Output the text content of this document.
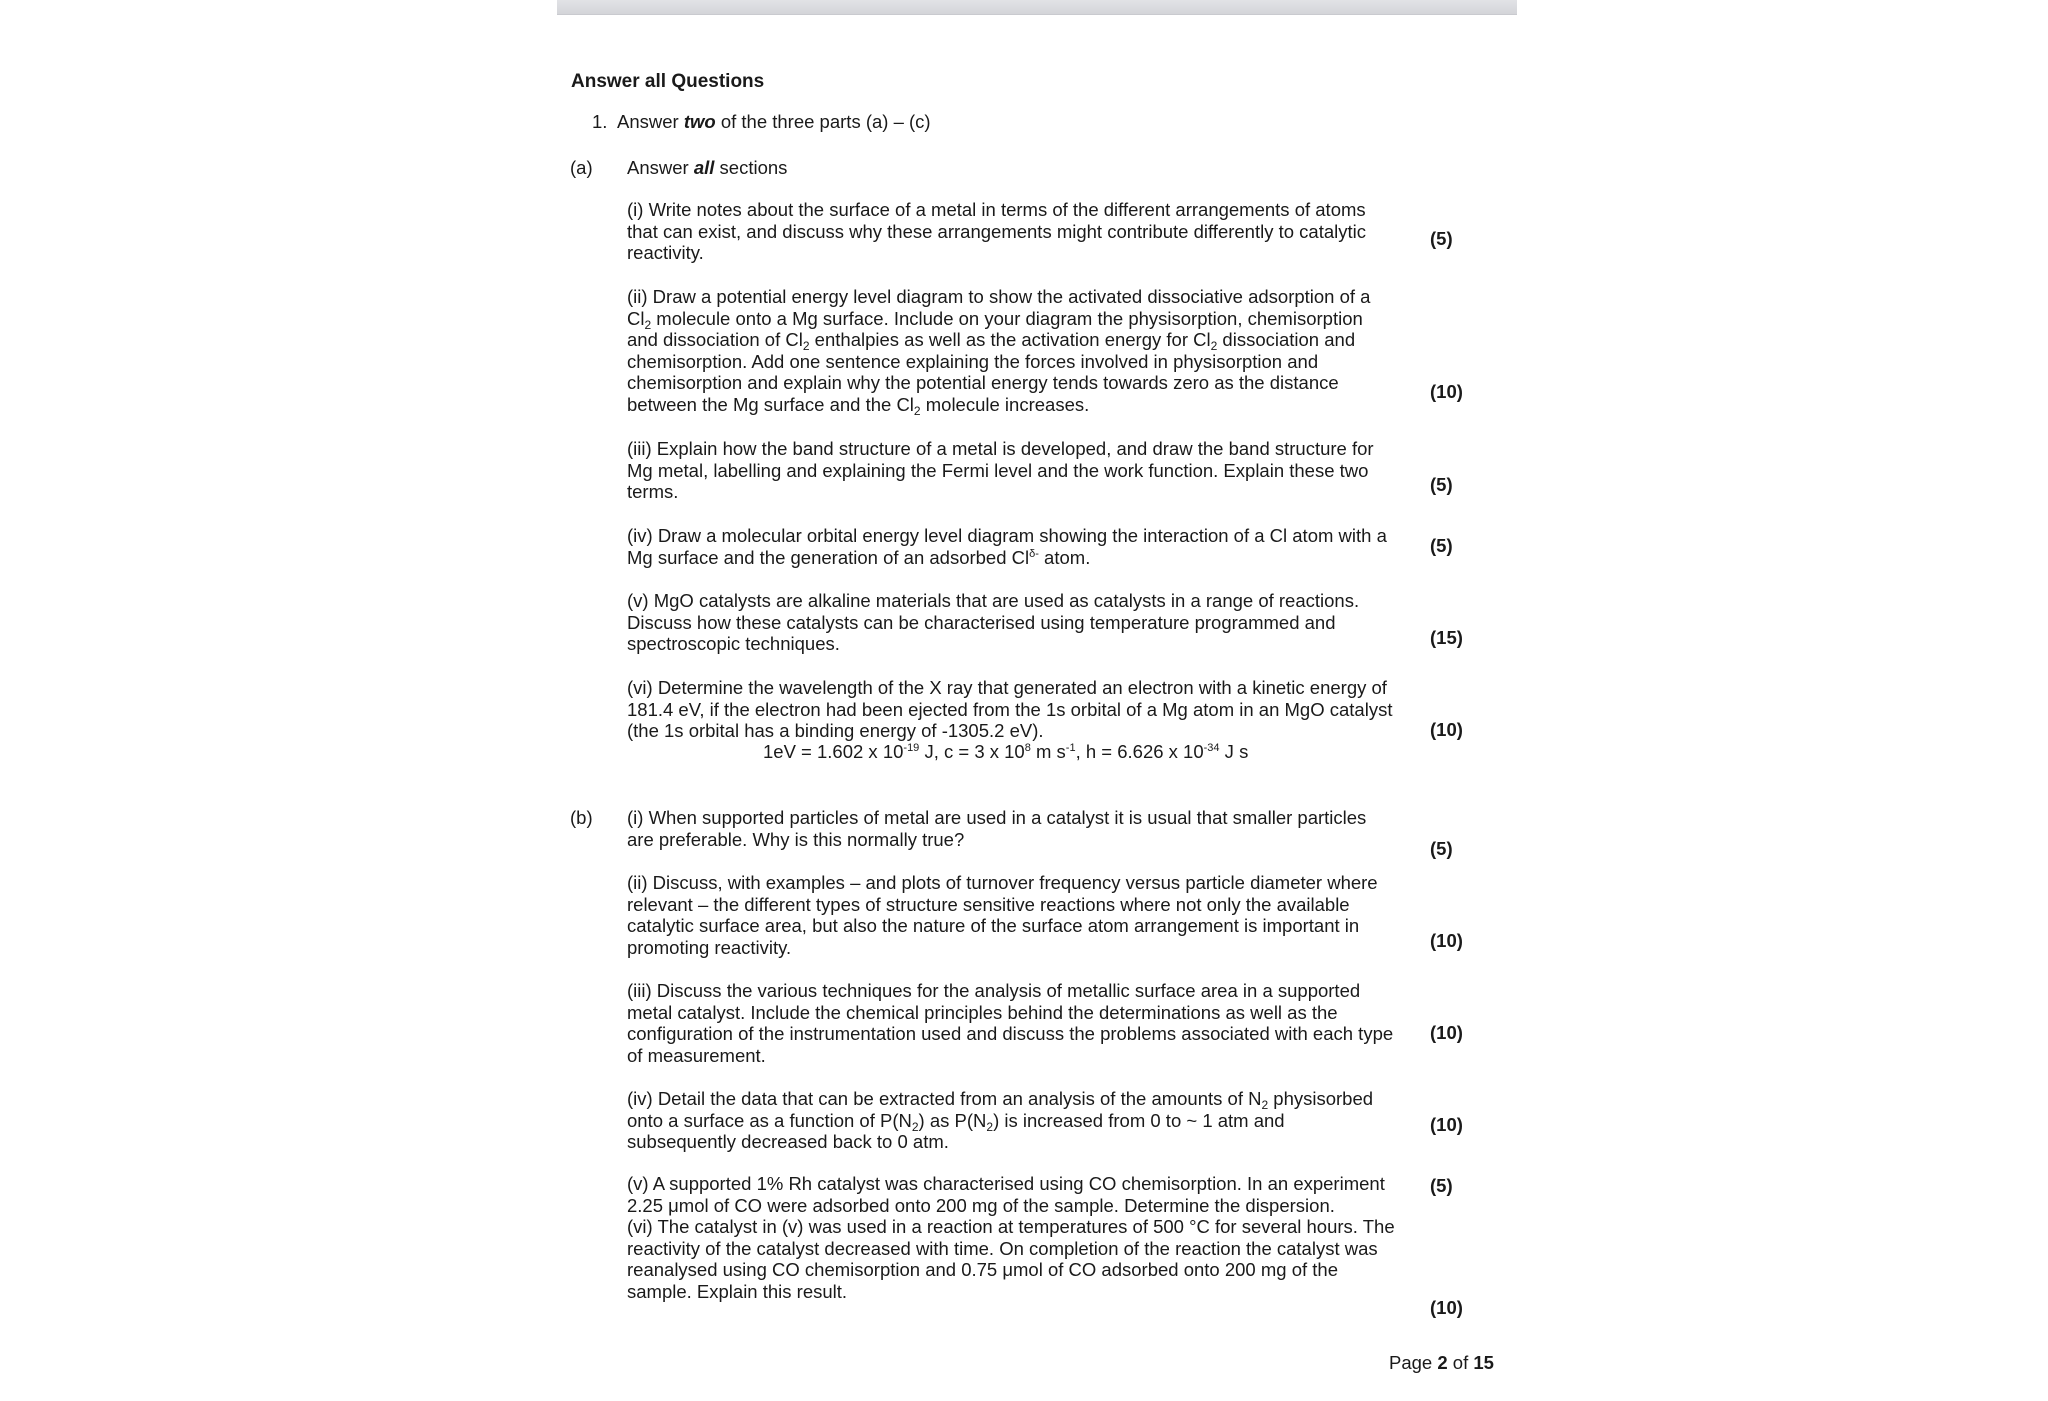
Answer all Questions
1. Answer two of the three parts (a) – (c)
(a) Answer all sections
(i) Write notes about the surface of a metal in terms of the different arrangements of atoms
that can exist, and discuss why these arrangements might contribute differently to catalytic
reactivity.
(5)
(ii) Draw a potential energy level diagram to show the activated dissociative adsorption of a
$Cl_2$ molecule onto a Mg surface. Include on your diagram the physisorption, chemisorption
and dissociation of $Cl_2$ enthalpies as well as the activation energy for $Cl_2$ dissociation and
chemisorption. Add one sentence explaining the forces involved in physisorption and
chemisorption and explain why the potential energy tends towards zero as the distance
between the Mg surface and the $Cl_2$ molecule increases.
(10)
(iii) Explain how the band structure of a metal is developed, and draw the band structure for
Mg metal, labelling and explaining the Fermi level and the work function. Explain these two
terms.	(5)
(iv) Draw a molecular orbital energy level diagram showing the interaction of a Cl atom with a
Mg surface and the generation of an adsorbed $Cl^{\delta-}$ atom.
(5)
(v) MgO catalysts are alkaline materials that are used as catalysts in a range of reactions.
Discuss how these catalysts can be characterised using temperature programmed and
spectroscopic techniques.	(15)
(vi) Determine the wavelength of the X ray that generated an electron with a kinetic energy of
181.4 eV, if the electron had been ejected from the 1s orbital of a Mg atom in an MgO catalyst
(the 1s orbital has a binding energy of -1305.2 eV).
1eV = 1.602 x $10^{-19}$ J, c = 3 x $10^8$ m $s^{-1}$, h = 6.626 x $10^{-34}$ J s
(10)
(b) (i) When supported particles of metal are used in a catalyst it is usual that smaller particles
are preferable. Why is this normally true?	(5)
(ii) Discuss, with examples – and plots of turnover frequency versus particle diameter where
relevant – the different types of structure sensitive reactions where not only the available
catalytic surface area, but also the nature of the surface atom arrangement is important in
promoting reactivity.	(10)
(iii) Discuss the various techniques for the analysis of metallic surface area in a supported
metal catalyst. Include the chemical principles behind the determinations as well as the
configuration of the instrumentation used and discuss the problems associated with each type
of measurement.
(10)
(iv) Detail the data that can be extracted from an analysis of the amounts of $N_2$ physisorbed
onto a surface as a function of $P(N_2)$ as $P(N_2)$ is increased from 0 to ~ 1 atm and
subsequently decreased back to 0 atm.
(10)
(v) A supported 1% Rh catalyst was characterised using CO chemisorption. In an experiment
2.25 μmol of CO were adsorbed onto 200 mg of the sample. Determine the dispersion.
(5)
(vi) The catalyst in (v) was used in a reaction at temperatures of 500 °C for several hours. The
reactivity of the catalyst decreased with time. On completion of the reaction the catalyst was
reanalysed using CO chemisorption and 0.75 μmol of CO adsorbed onto 200 mg of the
sample. Explain this result.
(10)
Page 2 of 15
